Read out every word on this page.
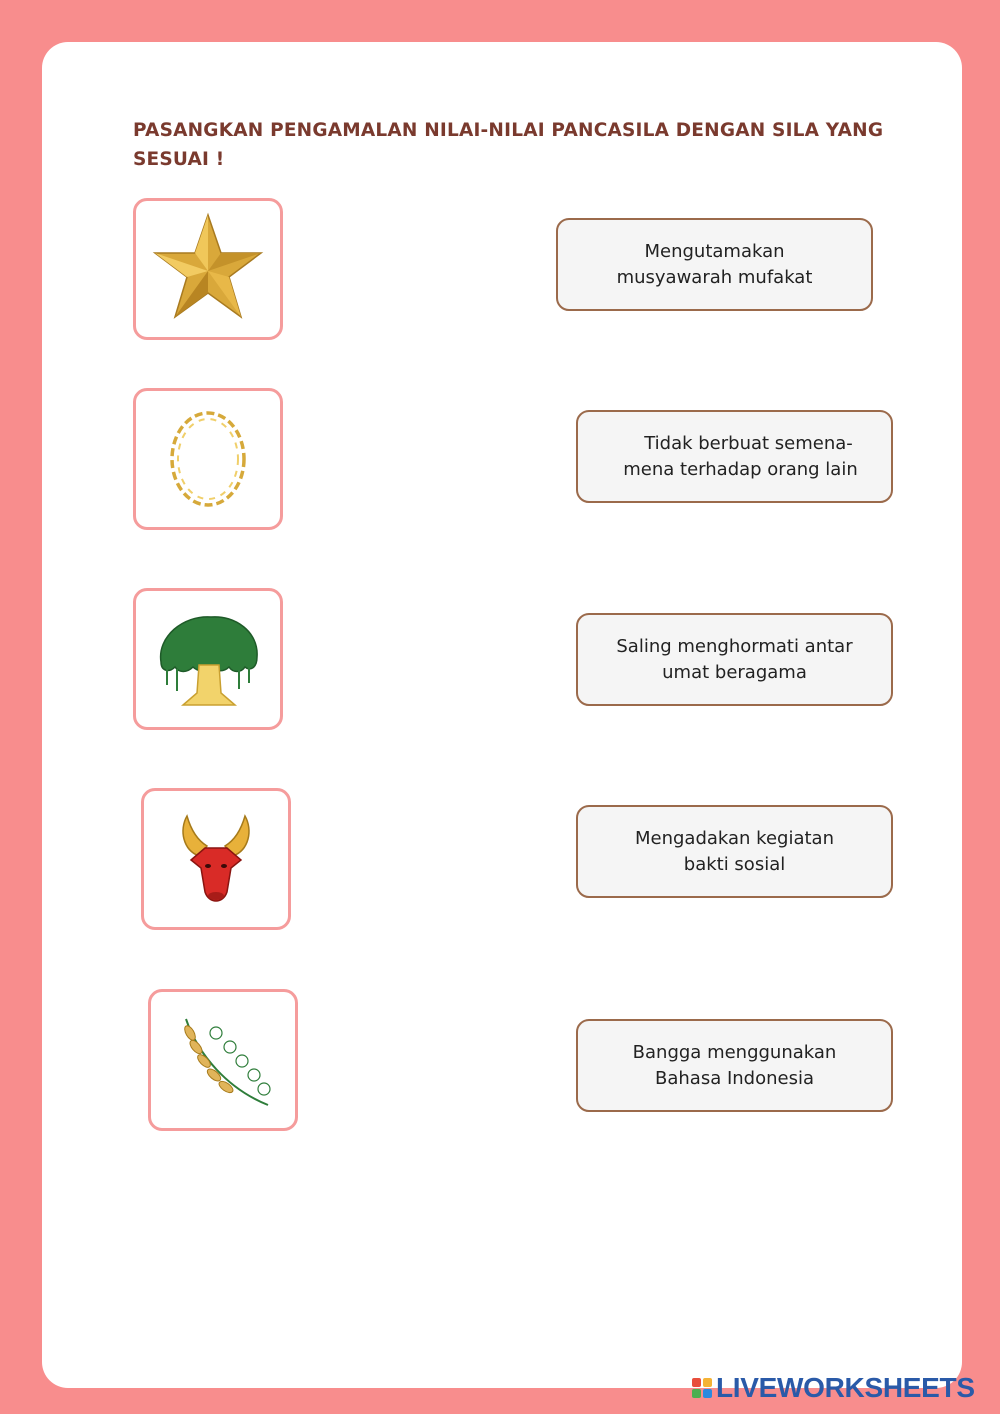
PASANGKAN PENGAMALAN NILAI-NILAI PANCASILA DENGAN SILA YANG
SESUAI !
Mengutamakan
musyawarah mufakat
Tidak berbuat semena-
mena terhadap orang lain
Saling menghormati antar
umat beragama
Mengadakan kegiatan
bakti sosial
Bangga menggunakan
Bahasa Indonesia
LIVEWORKSHEETS
